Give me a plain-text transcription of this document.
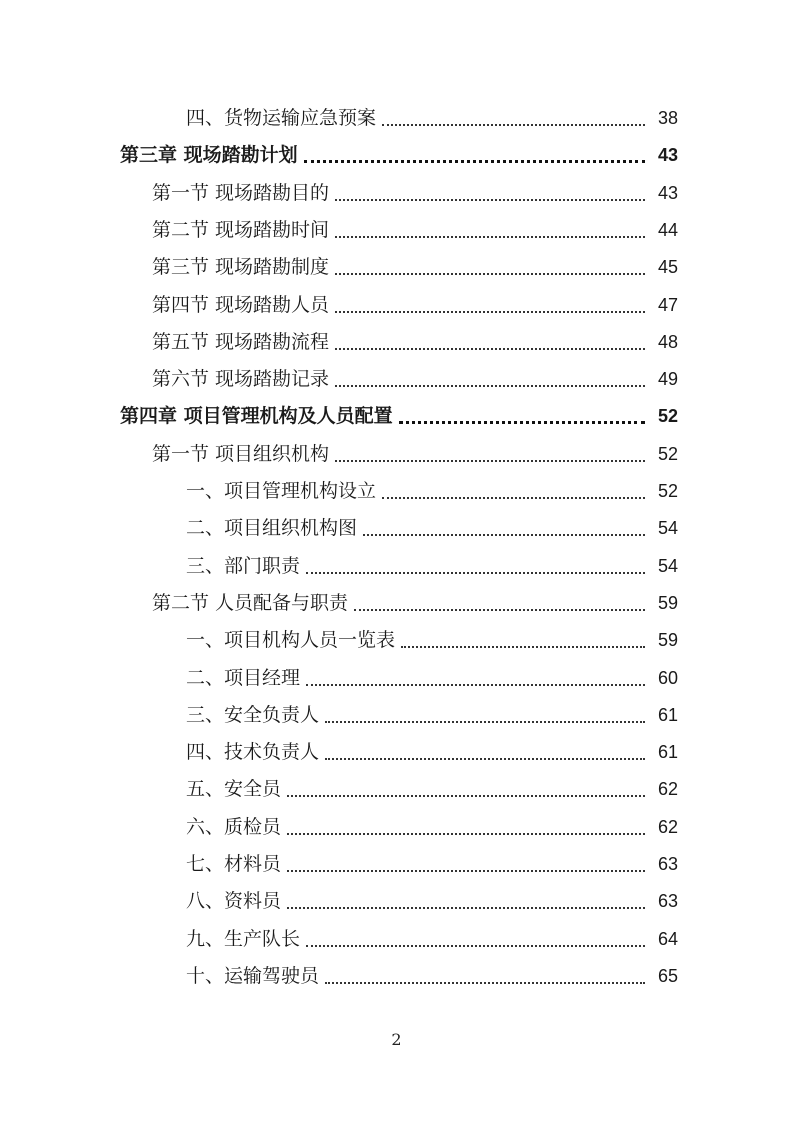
四、货物运输应急预案	38
第三章 现场踏勘计划	43
第一节 现场踏勘目的	43
第二节 现场踏勘时间	44
第三节 现场踏勘制度	45
第四节 现场踏勘人员	47
第五节 现场踏勘流程	48
第六节 现场踏勘记录	49
第四章 项目管理机构及人员配置	52
第一节 项目组织机构	52
一、项目管理机构设立	52
二、项目组织机构图	54
三、部门职责	54
第二节 人员配备与职责	59
一、项目机构人员一览表	59
二、项目经理	60
三、安全负责人	61
四、技术负责人	61
五、安全员	62
六、质检员	62
七、材料员	63
八、资料员	63
九、生产队长	64
十、运输驾驶员	65
2
